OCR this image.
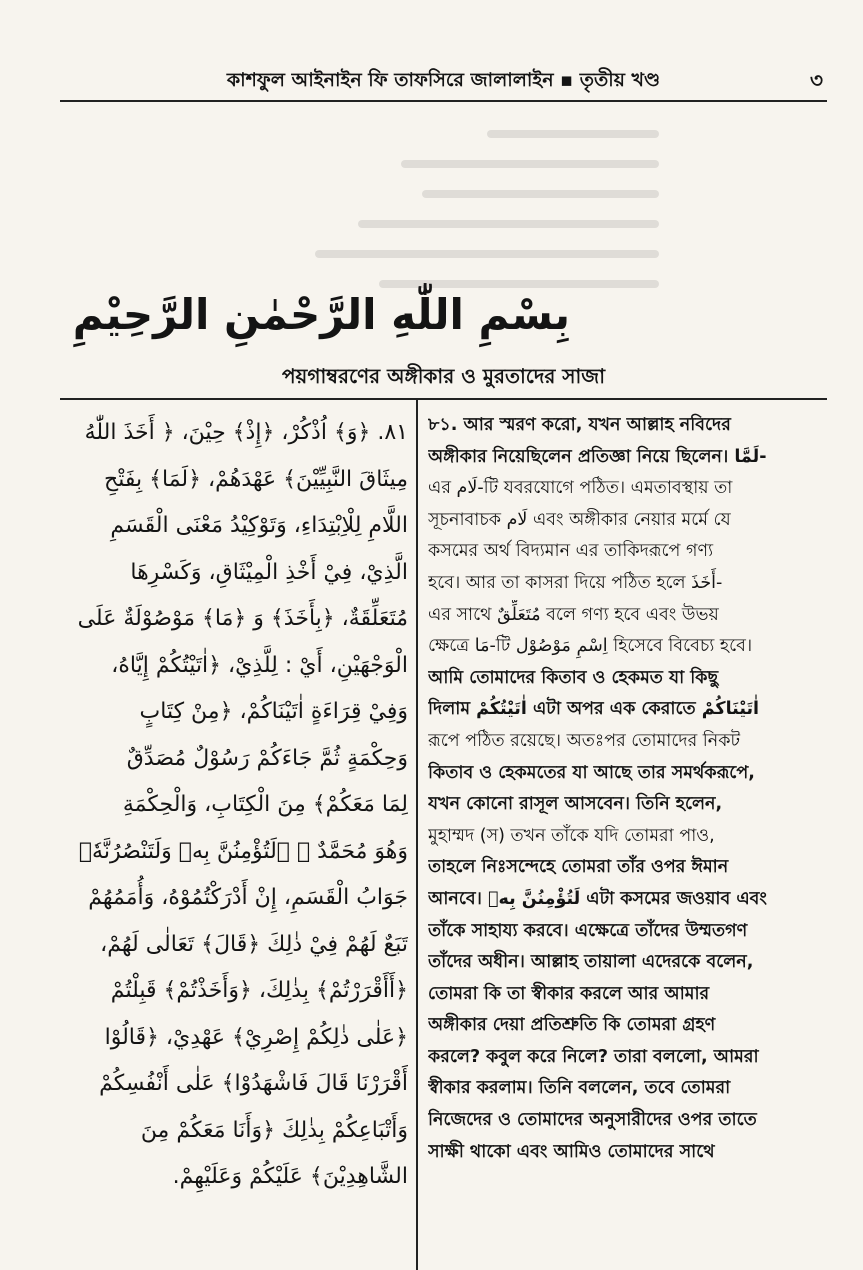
কাশফুল আইনাইন ফি তাফসিরে জালালাইন ▪ তৃতীয় খণ্ড	৩
بِسْمِ اللّٰهِ الرَّحْمٰنِ الرَّحِيْمِ
পয়গাম্বরণের অঙ্গীকার ও মুরতাদের সাজা
٨١. ﴿وَ﴾ اُذْكُرْ، ﴿إِذْ﴾ حِيْنَ، ﴿ أَخَذَ اللّٰهُ
مِيثَاقَ النَّبِيِّيْنَ﴾ عَهْدَهُمْ، ﴿لَمَا﴾ بِفَتْحِ
اللَّامِ لِلْاِبْتِدَاءِ، وَتَوْكِيْدُ مَعْنَى الْقَسَمِ
الَّذِيْ، فِيْ أَخْذِ الْمِيْثَاقِ، وَكَسْرِهَا
مُتَعَلِّقَةٌ، ﴿بِأَخَذَ﴾ وَ ﴿مَا﴾ مَوْصُوْلَةٌ عَلَى
الْوَجْهَيْنِ، أَيْ : لِلَّذِيْ، ﴿اٰتَيْتُكُمْ إِيَّاهُ،
وَفِيْ قِرَاءَةٍ اٰتَيْنَاكُمْ، ﴿مِنْ كِتَابٍ
وَحِكْمَةٍ ثُمَّ جَاءَكُمْ رَسُوْلٌ مُصَدِّقٌ
لِمَا مَعَكُمْ﴾ مِنَ الْكِتَابِ، وَالْحِكْمَةِ
وَهُوَ مُحَمَّدٌ ﷺ ﴿لَتُؤْمِنُنَّ بِهٖ وَلَتَنْصُرُنَّهٗ﴾
جَوَابُ الْقَسَمِ، إِنْ أَدْرَكْتُمُوْهُ، وَأُمَمُهُمْ
تَبَعٌ لَهُمْ فِيْ ذٰلِكَ ﴿قَالَ﴾ تَعَالٰى لَهُمْ،
﴿أَأَقْرَرْتُمْ﴾ بِذٰلِكَ، ﴿وَأَخَذْتُمْ﴾ قَبِلْتُمْ
﴿عَلٰى ذٰلِكُمْ إِصْرِيْ﴾ عَهْدِيْ، ﴿قَالُوْا
أَقْرَرْنَا قَالَ فَاشْهَدُوْا﴾ عَلٰى أَنْفُسِكُمْ
وَأَتْبَاعِكُمْ بِذٰلِكَ ﴿وَأَنَا مَعَكُمْ مِنَ
الشَّاهِدِيْنَ﴾ عَلَيْكُمْ وَعَلَيْهِمْ.
৮১. আর স্মরণ করো, যখন আল্লাহ নবিদের
অঙ্গীকার নিয়েছিলেন প্রতিজ্ঞা নিয়ে ছিলেন। لَمَّا-
এর لَام-টি যবরযোগে পঠিত। এমতাবস্থায় তা
সূচনাবাচক لَام এবং অঙ্গীকার নেয়ার মর্মে যে
কসমের অর্থ বিদ্যমান এর তাকিদরূপে গণ্য
হবে। আর তা কাসরা দিয়ে পঠিত হলে أَخَذَ-
এর সাথে مُتَعَلِّقٌ বলে গণ্য হবে এবং উভয়
ক্ষেত্রে مَا-টি اِسْمِ مَوْصُوْل হিসেবে বিবেচ্য হবে।
আমি তোমাদের কিতাব ও হেকমত যা কিছু
দিলাম اٰتَيْتُكُمْ এটা অপর এক কেরাতে اٰتَيْنَاكُمْ
রূপে পঠিত রয়েছে। অতঃপর তোমাদের নিকট
কিতাব ও হেকমতের যা আছে তার সমর্থকরূপে,
যখন কোনো রাসূল আসবেন। তিনি হলেন,
মুহাম্মদ (স) তখন তাঁকে যদি তোমরা পাও,
তাহলে নিঃসন্দেহে তোমরা তাঁর ওপর ঈমান
আনবে। لَتُؤْمِنُنَّ بِهٖ এটা কসমের জওয়াব এবং
তাঁকে সাহায্য করবে। এক্ষেত্রে তাঁদের উম্মতগণ
তাঁদের অধীন। আল্লাহ তায়ালা এদেরকে বলেন,
তোমরা কি তা স্বীকার করলে আর আমার
অঙ্গীকার দেয়া প্রতিশ্রুতি কি তোমরা গ্রহণ
করলে? কবুল করে নিলে? তারা বললো, আমরা
স্বীকার করলাম। তিনি বললেন, তবে তোমরা
নিজেদের ও তোমাদের অনুসারীদের ওপর তাতে
সাক্ষী থাকো এবং আমিও তোমাদের সাথে
